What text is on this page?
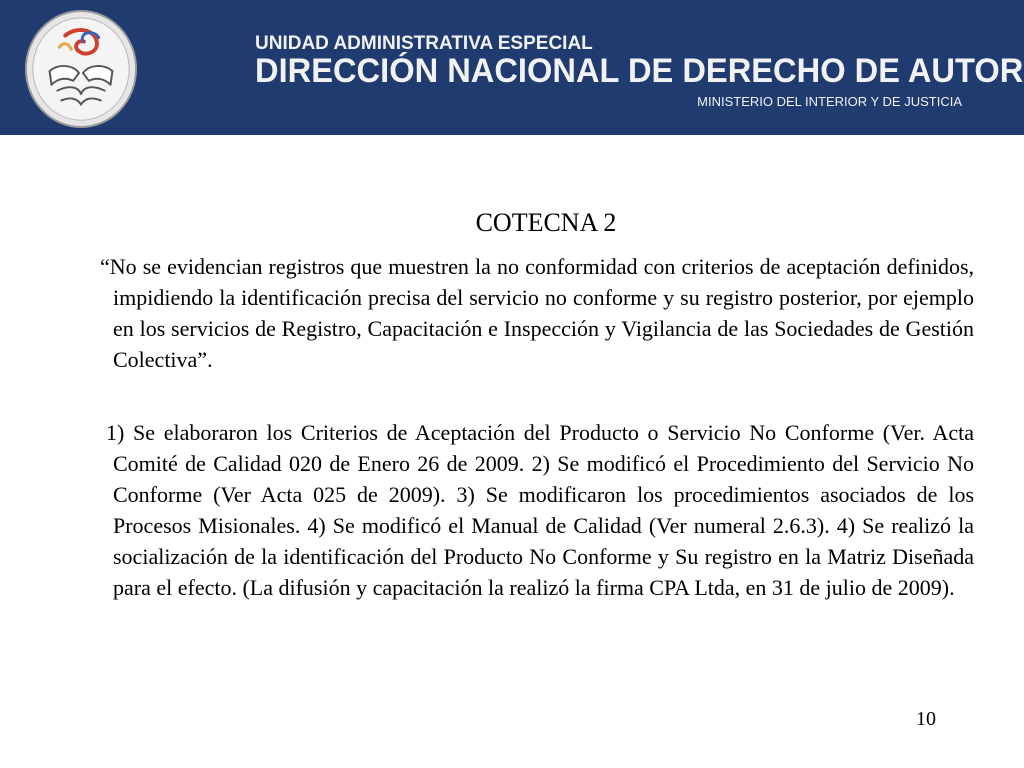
UNIDAD ADMINISTRATIVA ESPECIAL
DIRECCIÓN NACIONAL DE DERECHO DE AUTOR
MINISTERIO DEL INTERIOR Y DE JUSTICIA
COTECNA 2

“No se evidencian registros que muestren la no conformidad con criterios de aceptación definidos, impidiendo la identificación precisa del servicio no conforme y su registro posterior, por ejemplo en los servicios de Registro, Capacitación e Inspección y Vigilancia de las Sociedades de Gestión Colectiva”.

1) Se elaboraron los Criterios de Aceptación del Producto o Servicio No Conforme (Ver. Acta Comité de Calidad 020 de Enero 26 de 2009. 2) Se modificó el Procedimiento del Servicio No Conforme (Ver Acta 025 de 2009). 3) Se modificaron los procedimientos asociados de los Procesos Misionales. 4) Se modificó el Manual de Calidad (Ver numeral 2.6.3). 4) Se realizó la socialización de la identificación del Producto No Conforme y Su registro en la Matriz Diseñada para el efecto. (La difusión y capacitación la realizó la firma CPA Ltda, en 31 de julio de 2009).

10
